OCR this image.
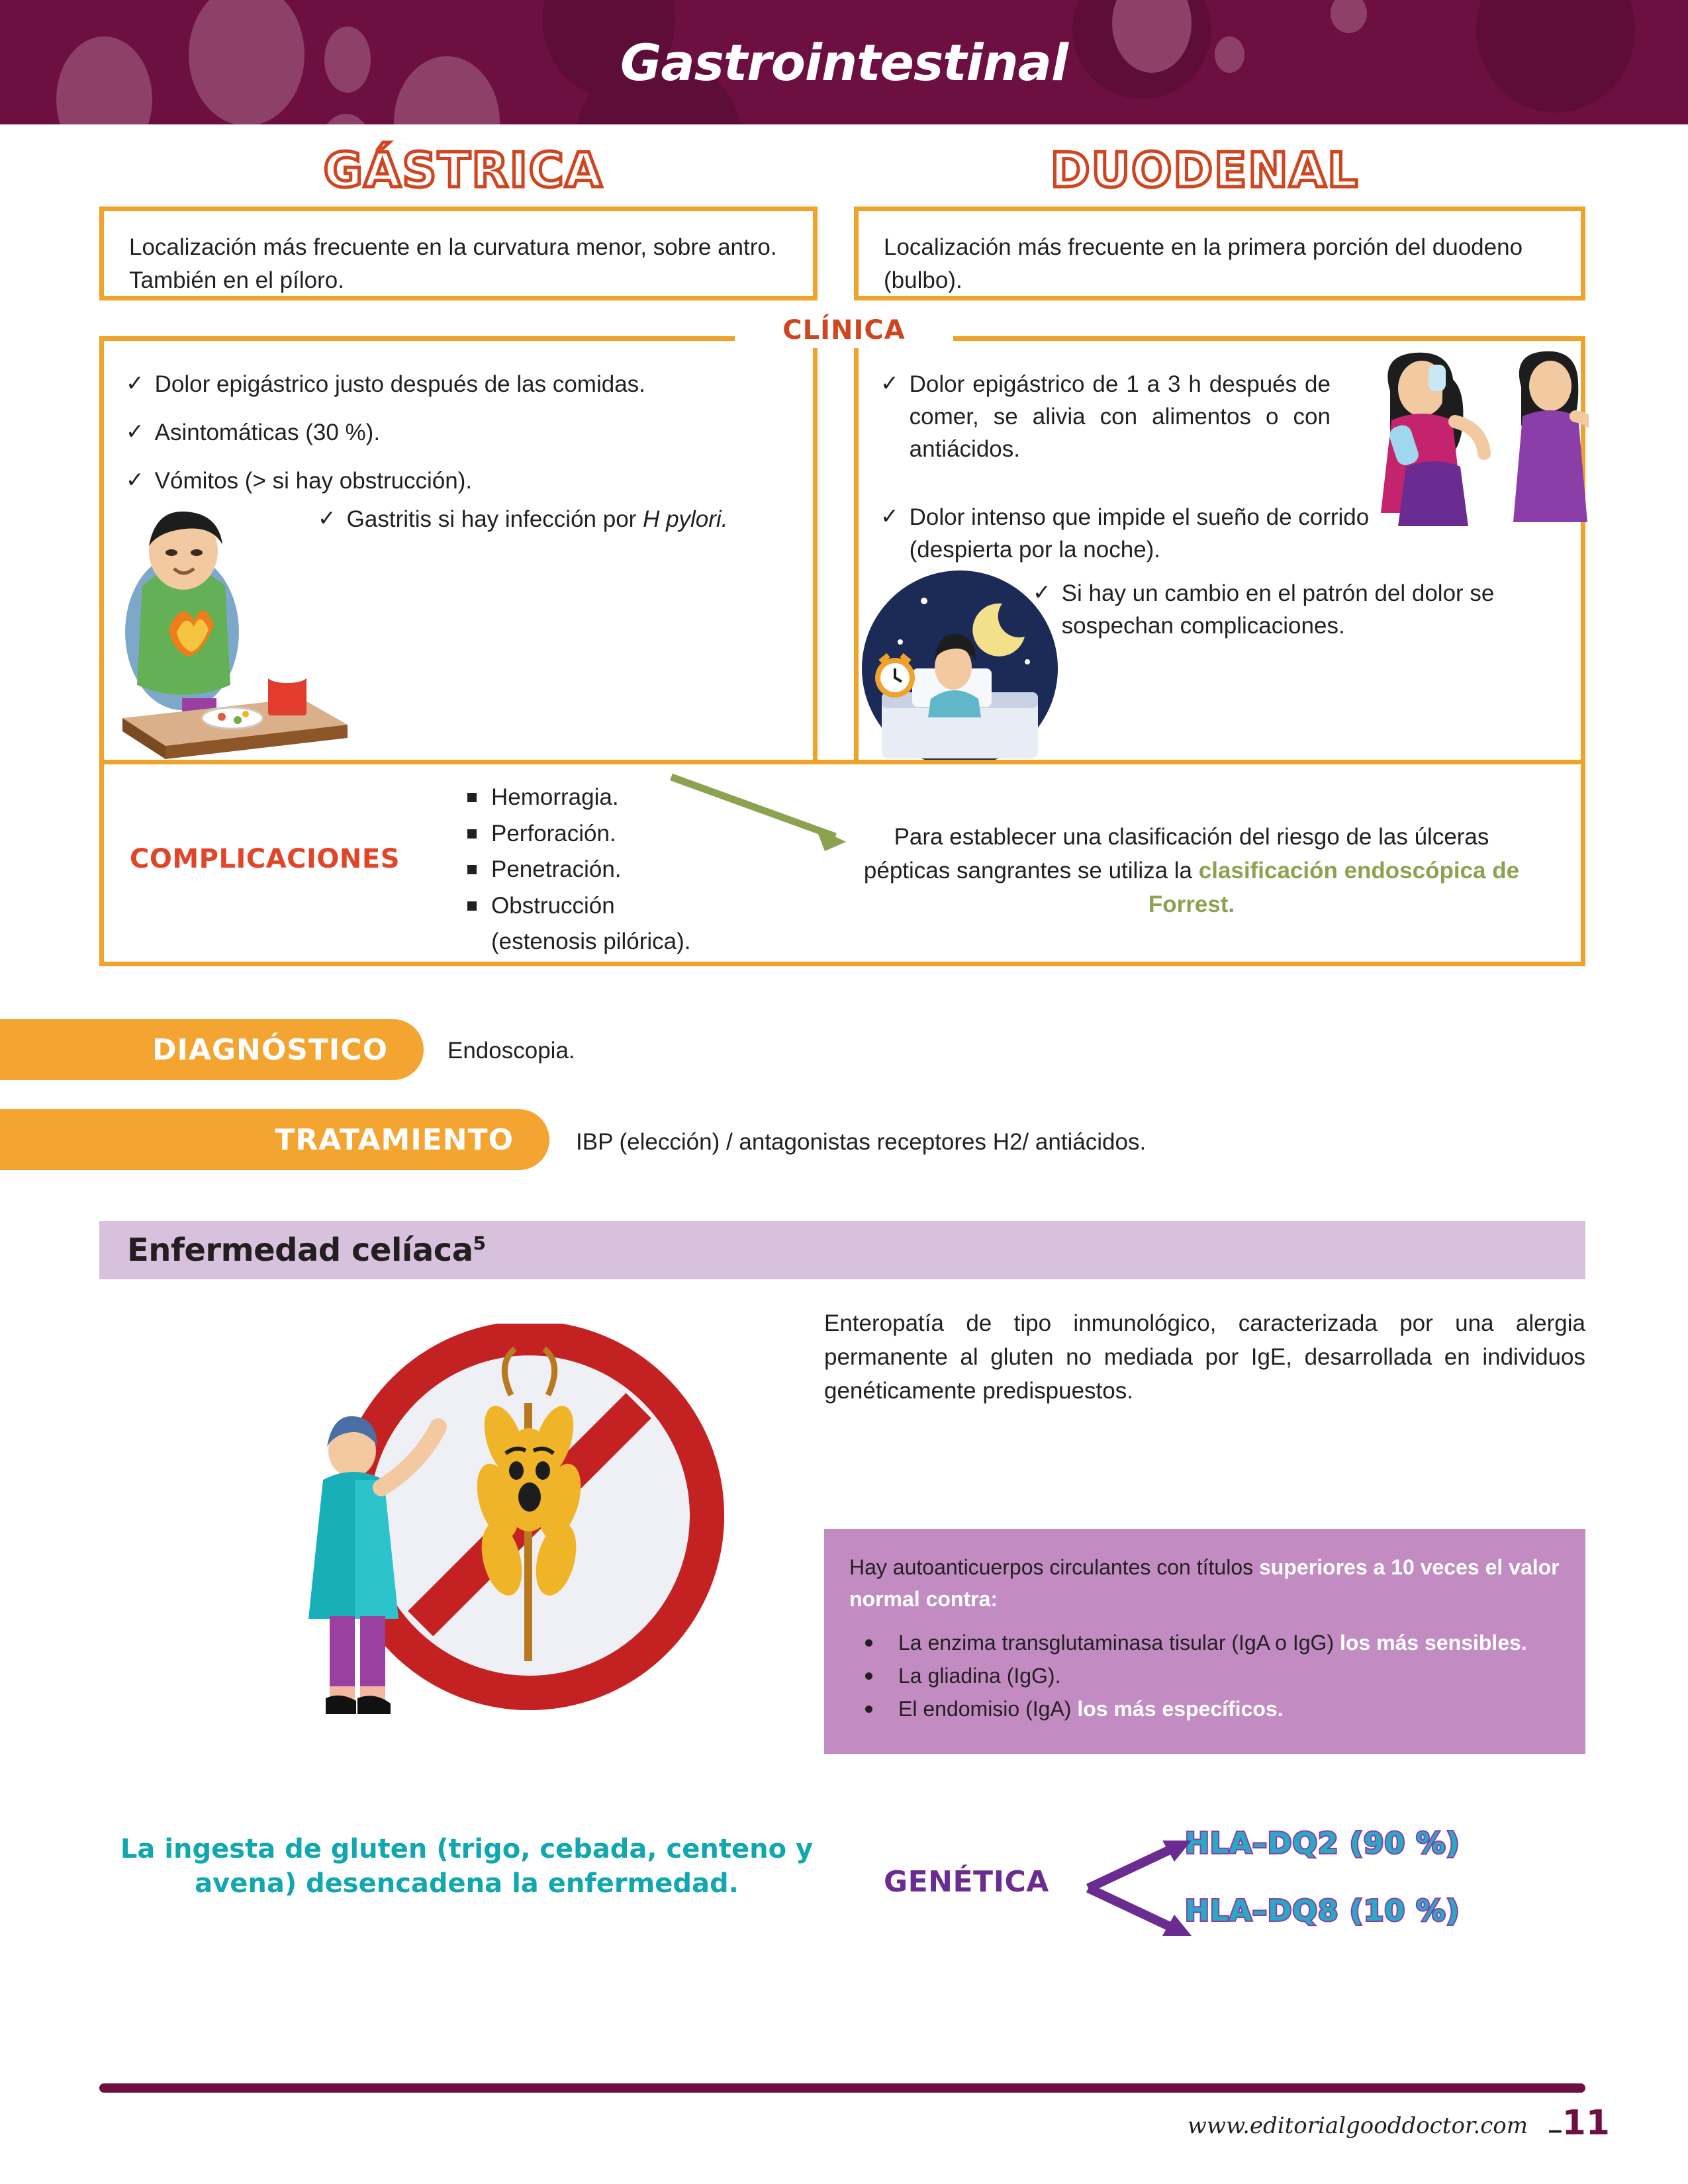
Gastrointestinal
GÁSTRICA	DUODENAL
Localización más frecuente en la curvatura menor, sobre antro. También en el píloro.
Localización más frecuente en la primera porción del duodeno (bulbo).
CLÍNICA
✓ Dolor epigástrico justo después de las comidas.
✓ Asintomáticas (30 %).
✓ Vómitos (> si hay obstrucción).
✓ Gastritis si hay infección por H pylori.
✓ Dolor epigástrico de 1 a 3 h después de comer, se alivia con alimentos o con antiácidos.
✓ Dolor intenso que impide el sueño de corrido (despierta por la noche).
✓ Si hay un cambio en el patrón del dolor se sospechan complicaciones.
COMPLICACIONES
Hemorragia.
Perforación.
Penetración.
Obstrucción
(estenosis pilórica).
Para establecer una clasificación del riesgo de las úlceras pépticas sangrantes se utiliza la clasificación endoscópica de Forrest.
DIAGNÓSTICO	Endoscopia.
TRATAMIENTO	IBP (elección) / antagonistas receptores H2/ antiácidos.
Enfermedad celíaca$^5$
Enteropatía de tipo inmunológico, caracterizada por una alergia permanente al gluten no mediada por IgE, desarrollada en individuos genéticamente predispuestos.
Hay autoanticuerpos circulantes con títulos superiores a 10 veces el valor normal contra:
La enzima transglutaminasa tisular (IgA o IgG) los más sensibles.
La gliadina (IgG).
El endomisio (IgA) los más específicos.
La ingesta de gluten (trigo, cebada, centeno y avena) desencadena la enfermedad.	GENÉTICA
HLA–DQ2 (90 %)
HLA–DQ8 (10 %)
www.editorialgooddoctor.com – 11
